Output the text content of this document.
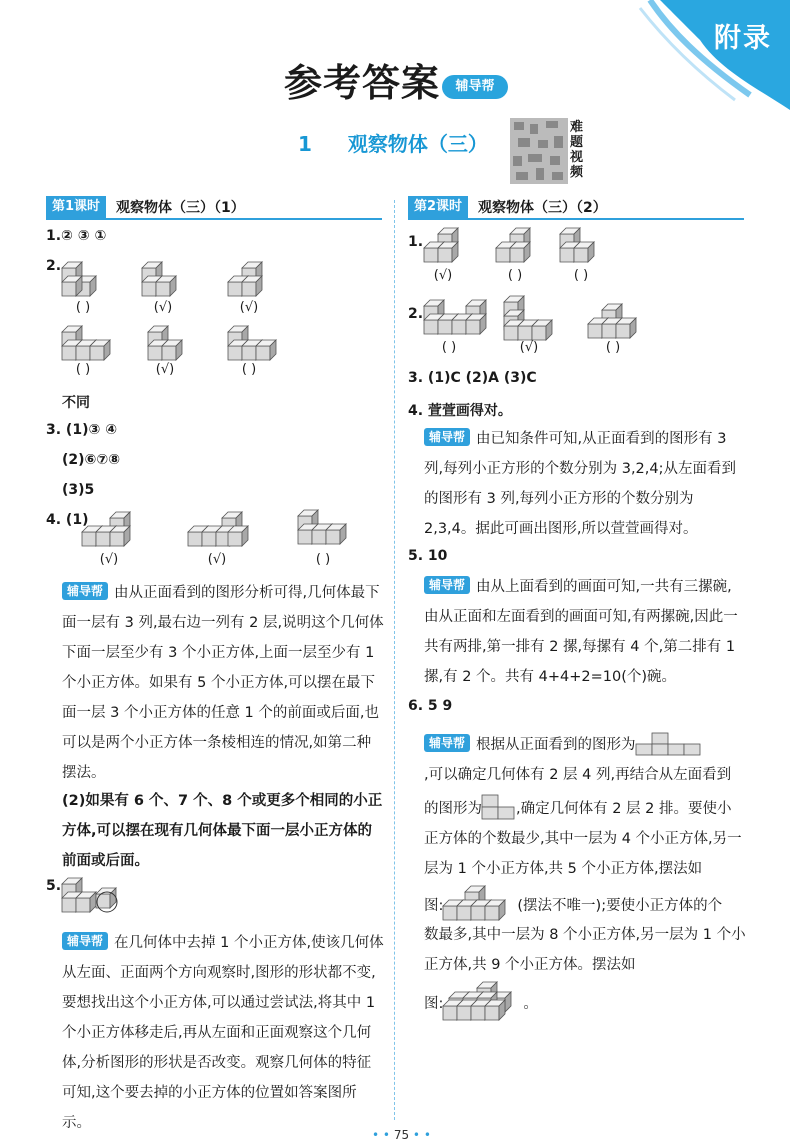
附录
参考答案	辅导帮
1 观察物体（三）
难
题
视
频
第1课时	观察物体（三）（1）
1.② ③ ①
2.
( )	(√)	(√)
( )	(√)	( )
不同
3. (1)③ ④
(2)⑥⑦⑧
(3)5
4. (1)
(√)	(√)	( )
辅导帮 由从正面看到的图形分析可得,几何体最下面一层有 3 列,最右边一列有 2 层,说明这个几何体下面一层至少有 3 个小正方体,上面一层至少有 1 个小正方体。如果有 5 个小正方体,可以摆在最下面一层 3 个小正方体的任意 1 个的前面或后面,也可以是两个小正方体一条棱相连的情况,如第二种摆法。
(2)如果有 6 个、7 个、8 个或更多个相同的小正方体,可以摆在现有几何体最下面一层小正方体的前面或后面。
5.
辅导帮 在几何体中去掉 1 个小正方体,使该几何体从左面、正面两个方向观察时,图形的形状都不变,要想找出这个小正方体,可以通过尝试法,将其中 1 个小正方体移走后,再从左面和正面观察这个几何体,分析图形的形状是否改变。观察几何体的特征可知,这个要去掉的小正方体的位置如答案图所示。
第2课时	观察物体（三）（2）
1.
(√)	( )	( )
2.
( )	(√)	( )
3. (1)C (2)A (3)C
4. 萱萱画得对。
辅导帮 由已知条件可知,从正面看到的图形有 3 列,每列小正方形的个数分别为 3,2,4;从左面看到的图形有 3 列,每列小正方形的个数分别为 2,3,4。据此可画出图形,所以萱萱画得对。
5. 10
辅导帮 由从上面看到的画面可知,一共有三摞碗,由从正面和左面看到的画面可知,有两摞碗,因此一共有两排,第一排有 2 摞,每摞有 4 个,第二排有 1 摞,有 2 个。共有 4+4+2=10(个)碗。
6. 5 9
辅导帮 根据从正面看到的图形为
,可以确定几何体有 2 层 4 列,再结合从左面看到
的图形为 ,确定几何体有 2 层 2 排。要使小
正方体的个数最少,其中一层为 4 个小正方体,另一层为 1 个小正方体,共 5 个小正方体,摆法如
图:	(摆法不唯一);要使小正方体的个
数最多,其中一层为 8 个小正方体,另一层为 1 个小正方体,共 9 个小正方体。摆法如
图:	。
• • 75 • •
